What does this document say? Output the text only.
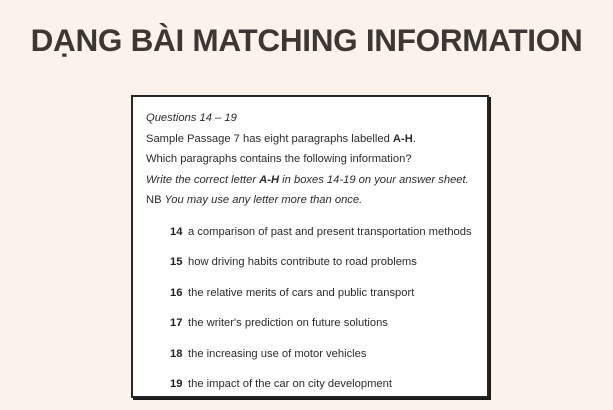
DẠNG BÀI MATCHING INFORMATION
Questions 14 – 19
Sample Passage 7 has eight paragraphs labelled A-H.
Which paragraphs contains the following information?
Write the correct letter A-H in boxes 14-19 on your answer sheet.
NB You may use any letter more than once.
14 a comparison of past and present transportation methods
15 how driving habits contribute to road problems
16 the relative merits of cars and public transport
17 the writer's prediction on future solutions
18 the increasing use of motor vehicles
19 the impact of the car on city development
